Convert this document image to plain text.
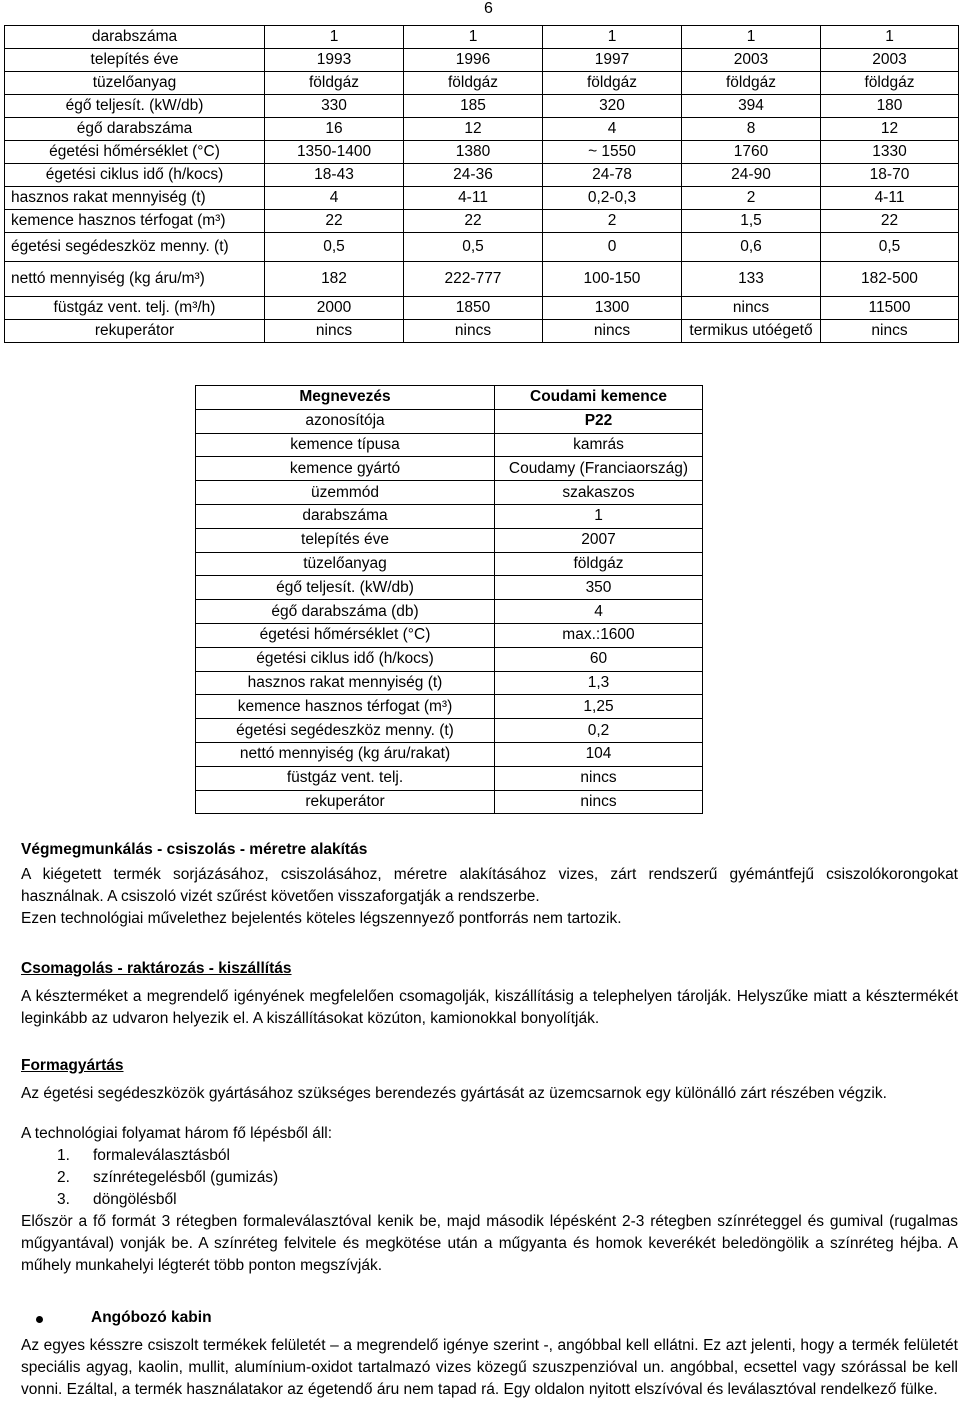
6
darabszáma	1	1	1	1	1
telepítés éve	1993	1996	1997	2003	2003
tüzelőanyag	földgáz	földgáz	földgáz	földgáz	földgáz
égő teljesít. (kW/db)	330	185	320	394	180
égő darabszáma	16	12	4	8	12
égetési hőmérséklet (°C)	1350-1400	1380	~ 1550	1760	1330
égetési ciklus idő (h/kocs)	18-43	24-36	24-78	24-90	18-70
hasznos rakat mennyiség (t)	4	4-11	0,2-0,3	2	4-11
kemence hasznos térfogat (m³)	22	22	2	1,5	22
égetési segédeszköz menny. (t)	0,5	0,5	0	0,6	0,5
nettó mennyiség (kg áru/m³)	182	222-777	100-150	133	182-500
füstgáz vent. telj. (m³/h)	2000	1850	1300	nincs	11500
rekuperátor	nincs	nincs	nincs	termikus utóégető	nincs
Megnevezés	Coudami kemence
azonosítója	P22
kemence típusa	kamrás
kemence gyártó	Coudamy (Franciaország)
üzemmód	szakaszos
darabszáma	1
telepítés éve	2007
tüzelőanyag	földgáz
égő teljesít. (kW/db)	350
égő darabszáma (db)	4
égetési hőmérséklet (°C)	max.:1600
égetési ciklus idő (h/kocs)	60
hasznos rakat mennyiség (t)	1,3
kemence hasznos térfogat (m³)	1,25
égetési segédeszköz menny. (t)	0,2
nettó mennyiség (kg áru/rakat)	104
füstgáz vent. telj.	nincs
rekuperátor	nincs
Végmegmunkálás - csiszolás - méretre alakítás
A kiégetett termék sorjázásához, csiszolásához, méretre alakításához vizes, zárt rendszerű gyémántfejű csiszolókorongokat használnak. A csiszoló vizét szűrést követően visszaforgatják a rendszerbe.
Ezen technológiai művelethez bejelentés köteles légszennyező pontforrás nem tartozik.
Csomagolás - raktározás - kiszállítás
A készterméket a megrendelő igényének megfelelően csomagolják, kiszállításig a telephelyen tárolják. Helyszűke miatt a késztermékét leginkább az udvaron helyezik el. A kiszállításokat közúton, kamionokkal bonyolítják.
Formagyártás
Az égetési segédeszközök gyártásához szükséges berendezés gyártását az üzemcsarnok egy különálló zárt részében végzik.
A technológiai folyamat három fő lépésből áll:
1. formaleválasztásból
2. színrétegelésből (gumizás)
3. döngölésből
Először a fő formát 3 rétegben formaleválasztóval kenik be, majd második lépésként 2-3 rétegben színréteggel és gumival (rugalmas műgyantával) vonják be. A színréteg felvitele és megkötése után a műgyanta és homok keverékét beledöngölik a színréteg héjba. A műhely munkahelyi légterét több ponton megszívják.
Angóbozó kabin
Az egyes késszre csiszolt termékek felületét – a megrendelő igénye szerint -, angóbbal kell ellátni. Ez azt jelenti, hogy a termék felületét speciális agyag, kaolin, mullit, alumínium-oxidot tartalmazó vizes közegű szuszpenzióval un. angóbbal, ecsettel vagy szórással be kell vonni. Ezáltal, a termék használatakor az égetendő áru nem tapad rá. Egy oldalon nyitott elszívóval és leválasztóval rendelkező fülke.
